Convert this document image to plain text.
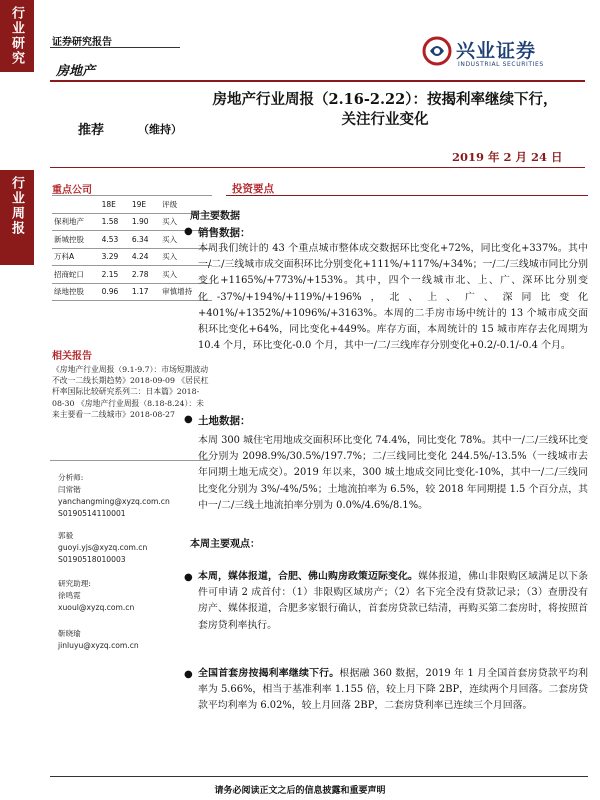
行业研究
行业周报
证券研究报告
房地产
兴业证券
INDUSTRIAL SECURITIES
房地产行业周报（2.16-2.22）：按揭利率继续下行，
关注行业变化
推荐	（维持）
2019 年 2 月 24 日
重点公司
	18E	19E	评级
保利地产	1.58	1.90	买入
新城控股	4.53	6.34	买入
万科A	3.29	4.24	买入
招商蛇口	2.15	2.78	买入
绿地控股	0.96	1.17	审慎增持
相关报告
《房地产行业周报（9.1-9.7）：市场短期波动不改一二线长期趋势》2018-09-09 《居民杠杆率国际比较研究系列二：日本篇》2018-08-30 《房地产行业周报（8.18-8.24）：未来主要看一二线城市》2018-08-27
分析师:
闫常锴
yanchangming@xyzq.com.cn
S0190514110001
郭毅
guoyi.yjs@xyzq.com.cn
S0190518010003
研究助理:
徐鸣霓
xuoul@xyzq.com.cn
靳晓瑜
jinluyu@xyzq.com.cn
投资要点
周主要数据
● 销售数据：
本周我们统计的 43 个重点城市整体成交数据环比变化+72%，同比变化+337%。其中一/二/三线城市成交面积环比分别变化+111%/+117%/+34%；一/二/三线城市同比分别变化+1165%/+773%/+153%。其中，四个一线城市北、上、广、深环比分别变化-37%/+194%/+119%/+196%，北、上、广、深同比变化+401%/+1352%/+1096%/+3163%。本周的二手房市场中统计的 13 个城市成交面积环比变化+64%，同比变化+449%。库存方面，本周统计的 15 城市库存去化周期为 10.4 个月，环比变化-0.0 个月，其中一/二/三线库存分别变化+0.2/-0.1/-0.4 个月。
● 土地数据：
本周 300 城住宅用地成交面积环比变化 74.4%，同比变化 78%。其中一/二/三线环比变化分别为 2098.9%/30.5%/197.7%；二/三线同比变化 244.5%/-13.5%（一线城市去年同期土地无成交）。2019 年以来，300 城土地成交同比变化-10%，其中一/二/三线同比变化分别为 3%/-4%/5%；土地流拍率为 6.5%，较 2018 年同期提 1.5 个百分点，其中一/二/三线土地流拍率分别为 0.0%/4.6%/8.1%。
本周主要观点：
● 本周，媒体报道，合肥、佛山购房政策迈际变化。媒体报道，佛山非限购区域满足以下条件可申请 2 成首付：（1）非限购区域房产；（2）名下完全没有贷款记录；（3）查册没有房产、媒体报道，合肥多家银行确认，首套房贷款已结清，再购买第二套房时，将按照首套房贷利率执行。
● 全国首套房按揭利率继续下行。根据融 360 数据，2019 年 1 月全国首套房贷款平均利率为 5.66%，相当于基准利率 1.155 倍，较上月下降 2BP，连续两个月回落。二套房贷款平均利率为 6.02%，较上月回落 2BP，二套房贷利率已连续三个月回落。
请务必阅读正文之后的信息披露和重要声明
